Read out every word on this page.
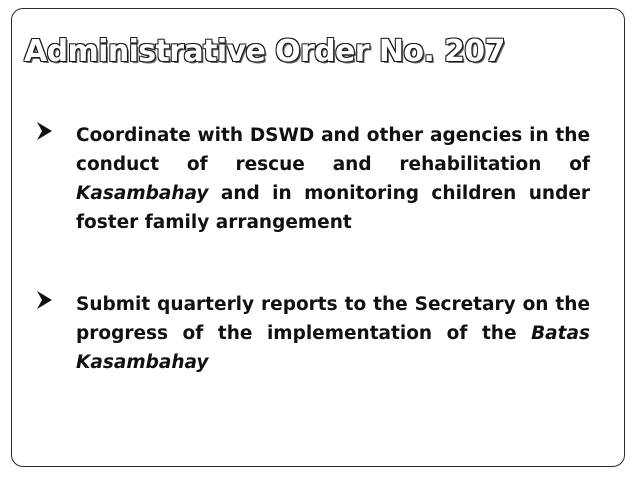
Administrative Order No. 207
Coordinate with DSWD and other agencies in the conduct of rescue and rehabilitation of Kasambahay and in monitoring children under foster family arrangement
Submit quarterly reports to the Secretary on the progress of the implementation of the Batas Kasambahay
